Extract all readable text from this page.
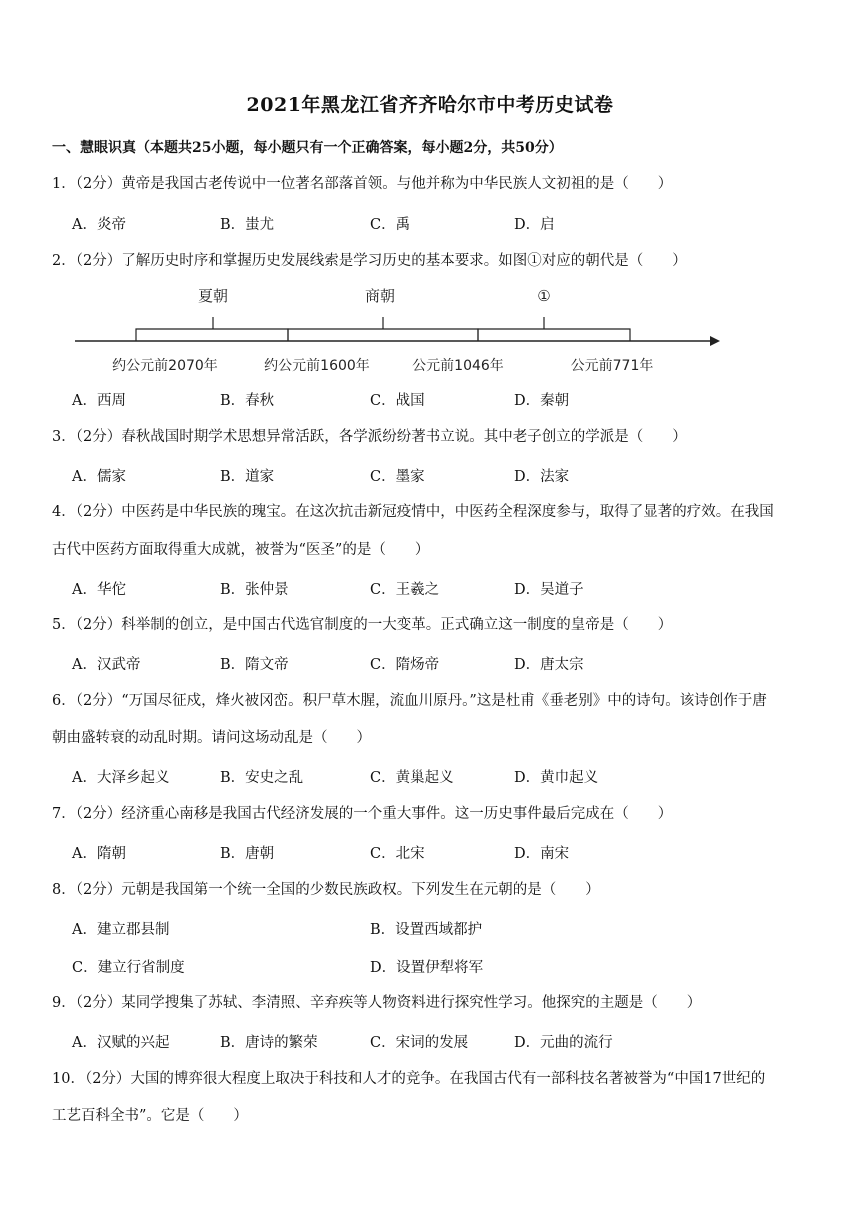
2021年黑龙江省齐齐哈尔市中考历史试卷
一、慧眼识真（本题共25小题，每小题只有一个正确答案，每小题2分，共50分）
1．（2分）黄帝是我国古老传说中一位著名部落首领。与他并称为中华民族人文初祖的是（　　）
A．炎帝	B．蚩尤	C．禹	D．启
2．（2分）了解历史时序和掌握历史发展线索是学习历史的基本要求。如图①对应的朝代是（　　）
夏朝	商朝	①
约公元前2070年	约公元前1600年	公元前1046年	公元前771年
A．西周	B．春秋	C．战国	D．秦朝
3．（2分）春秋战国时期学术思想异常活跃，各学派纷纷著书立说。其中老子创立的学派是（　　）
A．儒家	B．道家	C．墨家	D．法家
4．（2分）中医药是中华民族的瑰宝。在这次抗击新冠疫情中，中医药全程深度参与，取得了显著的疗效。在我国
古代中医药方面取得重大成就，被誉为“医圣”的是（　　）
A．华佗	B．张仲景	C．王羲之	D．吴道子
5．（2分）科举制的创立，是中国古代选官制度的一大变革。正式确立这一制度的皇帝是（　　）
A．汉武帝	B．隋文帝	C．隋炀帝	D．唐太宗
6．（2分）“万国尽征戍，烽火被冈峦。积尸草木腥，流血川原丹。”这是杜甫《垂老别》中的诗句。该诗创作于唐
朝由盛转衰的动乱时期。请问这场动乱是（　　）
A．大泽乡起义	B．安史之乱	C．黄巢起义	D．黄巾起义
7．（2分）经济重心南移是我国古代经济发展的一个重大事件。这一历史事件最后完成在（　　）
A．隋朝	B．唐朝	C．北宋	D．南宋
8．（2分）元朝是我国第一个统一全国的少数民族政权。下列发生在元朝的是（　　）
A．建立郡县制	B．设置西域都护
C．建立行省制度	D．设置伊犁将军
9．（2分）某同学搜集了苏轼、李清照、辛弃疾等人物资料进行探究性学习。他探究的主题是（　　）
A．汉赋的兴起	B．唐诗的繁荣	C．宋词的发展	D．元曲的流行
10．（2分）大国的博弈很大程度上取决于科技和人才的竞争。在我国古代有一部科技名著被誉为“中国17世纪的
工艺百科全书”。它是（　　）
